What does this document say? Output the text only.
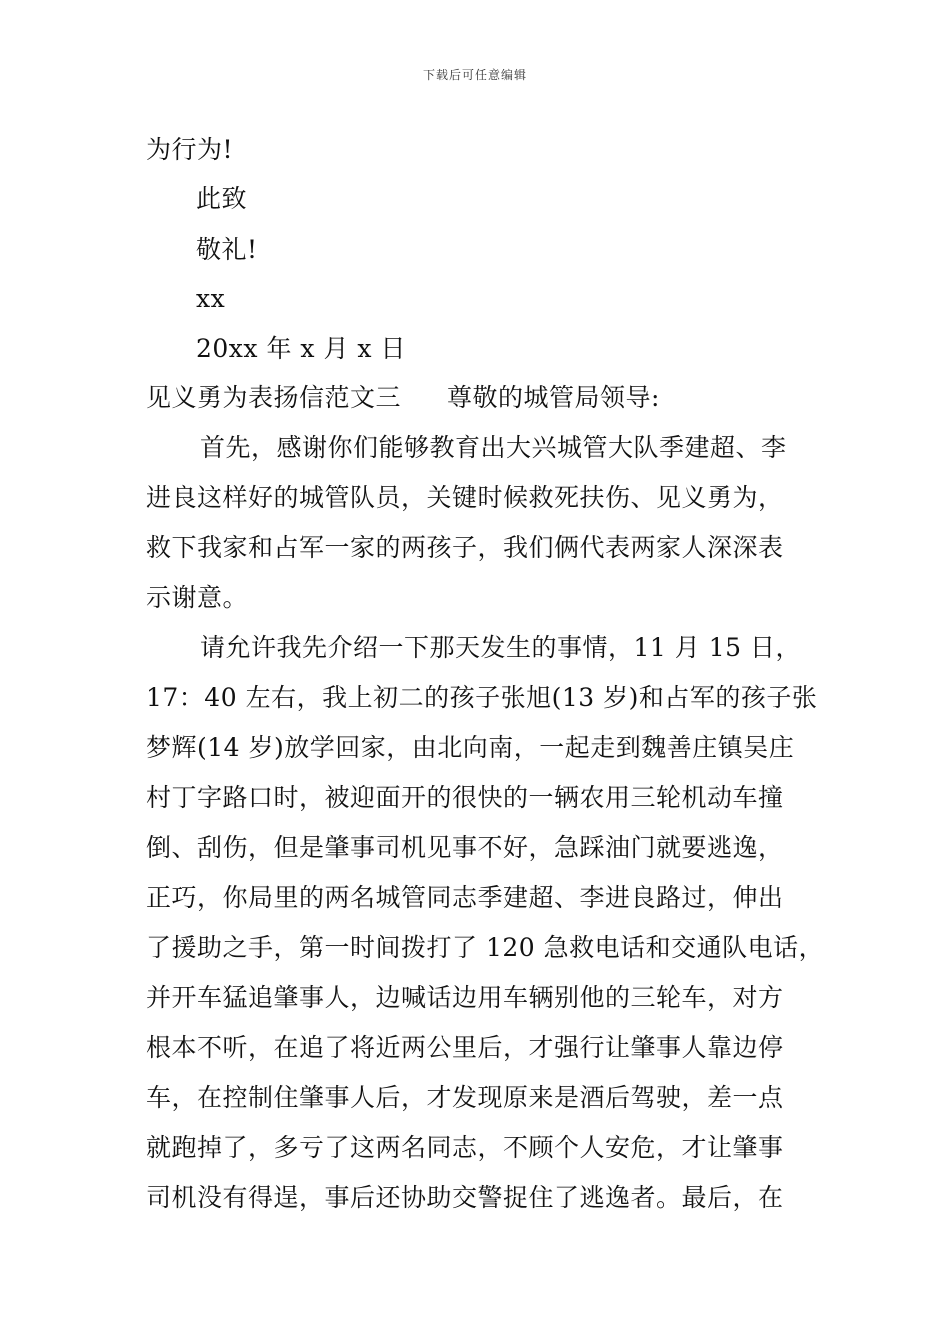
下载后可任意编辑
为行为!
此致
敬礼!
xx
20xx 年 x 月 x 日
见义勇为表扬信范文三 尊敬的城管局领导:
首先，感谢你们能够教育出大兴城管大队季建超、李
进良这样好的城管队员，关键时候救死扶伤、见义勇为，
救下我家和占军一家的两孩子，我们俩代表两家人深深表
示谢意。
请允许我先介绍一下那天发生的事情，11 月 15 日，
17：40 左右，我上初二的孩子张旭(13 岁)和占军的孩子张
梦辉(14 岁)放学回家，由北向南，一起走到魏善庄镇吴庄
村丁字路口时，被迎面开的很快的一辆农用三轮机动车撞
倒、刮伤，但是肇事司机见事不好，急踩油门就要逃逸，
正巧，你局里的两名城管同志季建超、李进良路过，伸出
了援助之手，第一时间拨打了 120 急救电话和交通队电话，
并开车猛追肇事人，边喊话边用车辆别他的三轮车，对方
根本不听，在追了将近两公里后，才强行让肇事人靠边停
车，在控制住肇事人后，才发现原来是酒后驾驶，差一点
就跑掉了，多亏了这两名同志，不顾个人安危，才让肇事
司机没有得逞，事后还协助交警捉住了逃逸者。最后，在
